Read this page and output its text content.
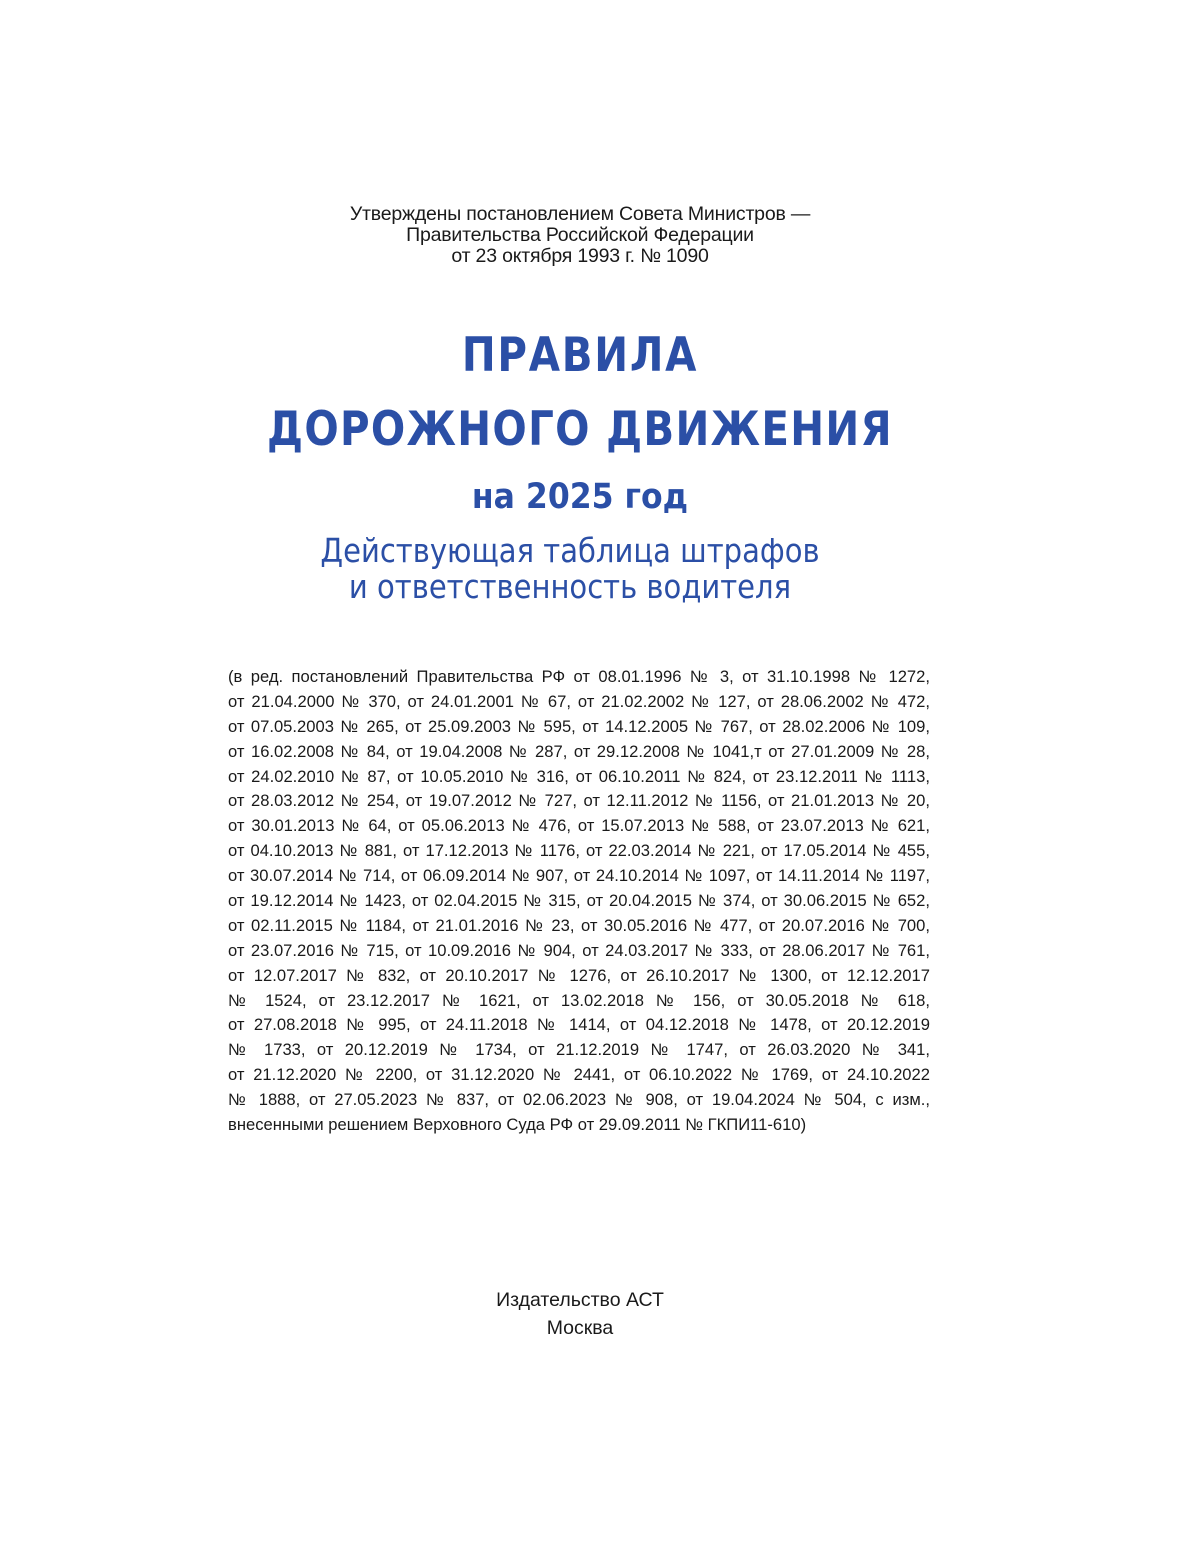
Утверждены постановлением Совета Министров —
Правительства Российской Федерации
от 23 октября 1993 г. № 1090
ПРАВИЛА
ДОРОЖНОГО ДВИЖЕНИЯ
на 2025 год
Действующая таблица штрафов
и ответственность водителя
(в ред. постановлений Правительства РФ от 08.01.1996 № 3, от 31.10.1998 № 1272,
от 21.04.2000 № 370, от 24.01.2001 № 67, от 21.02.2002 № 127, от 28.06.2002 № 472,
от 07.05.2003 № 265, от 25.09.2003 № 595, от 14.12.2005 № 767, от 28.02.2006 № 109,
от 16.02.2008 № 84, от 19.04.2008 № 287, от 29.12.2008 № 1041,т от 27.01.2009 № 28,
от 24.02.2010 № 87, от 10.05.2010 № 316, от 06.10.2011 № 824, от 23.12.2011 № 1113,
от 28.03.2012 № 254, от 19.07.2012 № 727, от 12.11.2012 № 1156, от 21.01.2013 № 20,
от 30.01.2013 № 64, от 05.06.2013 № 476, от 15.07.2013 № 588, от 23.07.2013 № 621,
от 04.10.2013 № 881, от 17.12.2013 № 1176, от 22.03.2014 № 221, от 17.05.2014 № 455,
от 30.07.2014 № 714, от 06.09.2014 № 907, от 24.10.2014 № 1097, от 14.11.2014 № 1197,
от 19.12.2014 № 1423, от 02.04.2015 № 315, от 20.04.2015 № 374, от 30.06.2015 № 652,
от 02.11.2015 № 1184, от 21.01.2016 № 23, от 30.05.2016 № 477, от 20.07.2016 № 700,
от 23.07.2016 № 715, от 10.09.2016 № 904, от 24.03.2017 № 333, от 28.06.2017 № 761,
от 12.07.2017 № 832, от 20.10.2017 № 1276, от 26.10.2017 № 1300, от 12.12.2017
№ 1524, от 23.12.2017 № 1621, от 13.02.2018 № 156, от 30.05.2018 № 618,
от 27.08.2018 № 995, от 24.11.2018 № 1414, от 04.12.2018 № 1478, от 20.12.2019
№ 1733, от 20.12.2019 № 1734, от 21.12.2019 № 1747, от 26.03.2020 № 341,
от 21.12.2020 № 2200, от 31.12.2020 № 2441, от 06.10.2022 № 1769, от 24.10.2022
№ 1888, от 27.05.2023 № 837, от 02.06.2023 № 908, от 19.04.2024 № 504, с изм.,
внесенными решением Верховного Суда РФ от 29.09.2011 № ГКПИ11-610)
Издательство АСТ
Москва
